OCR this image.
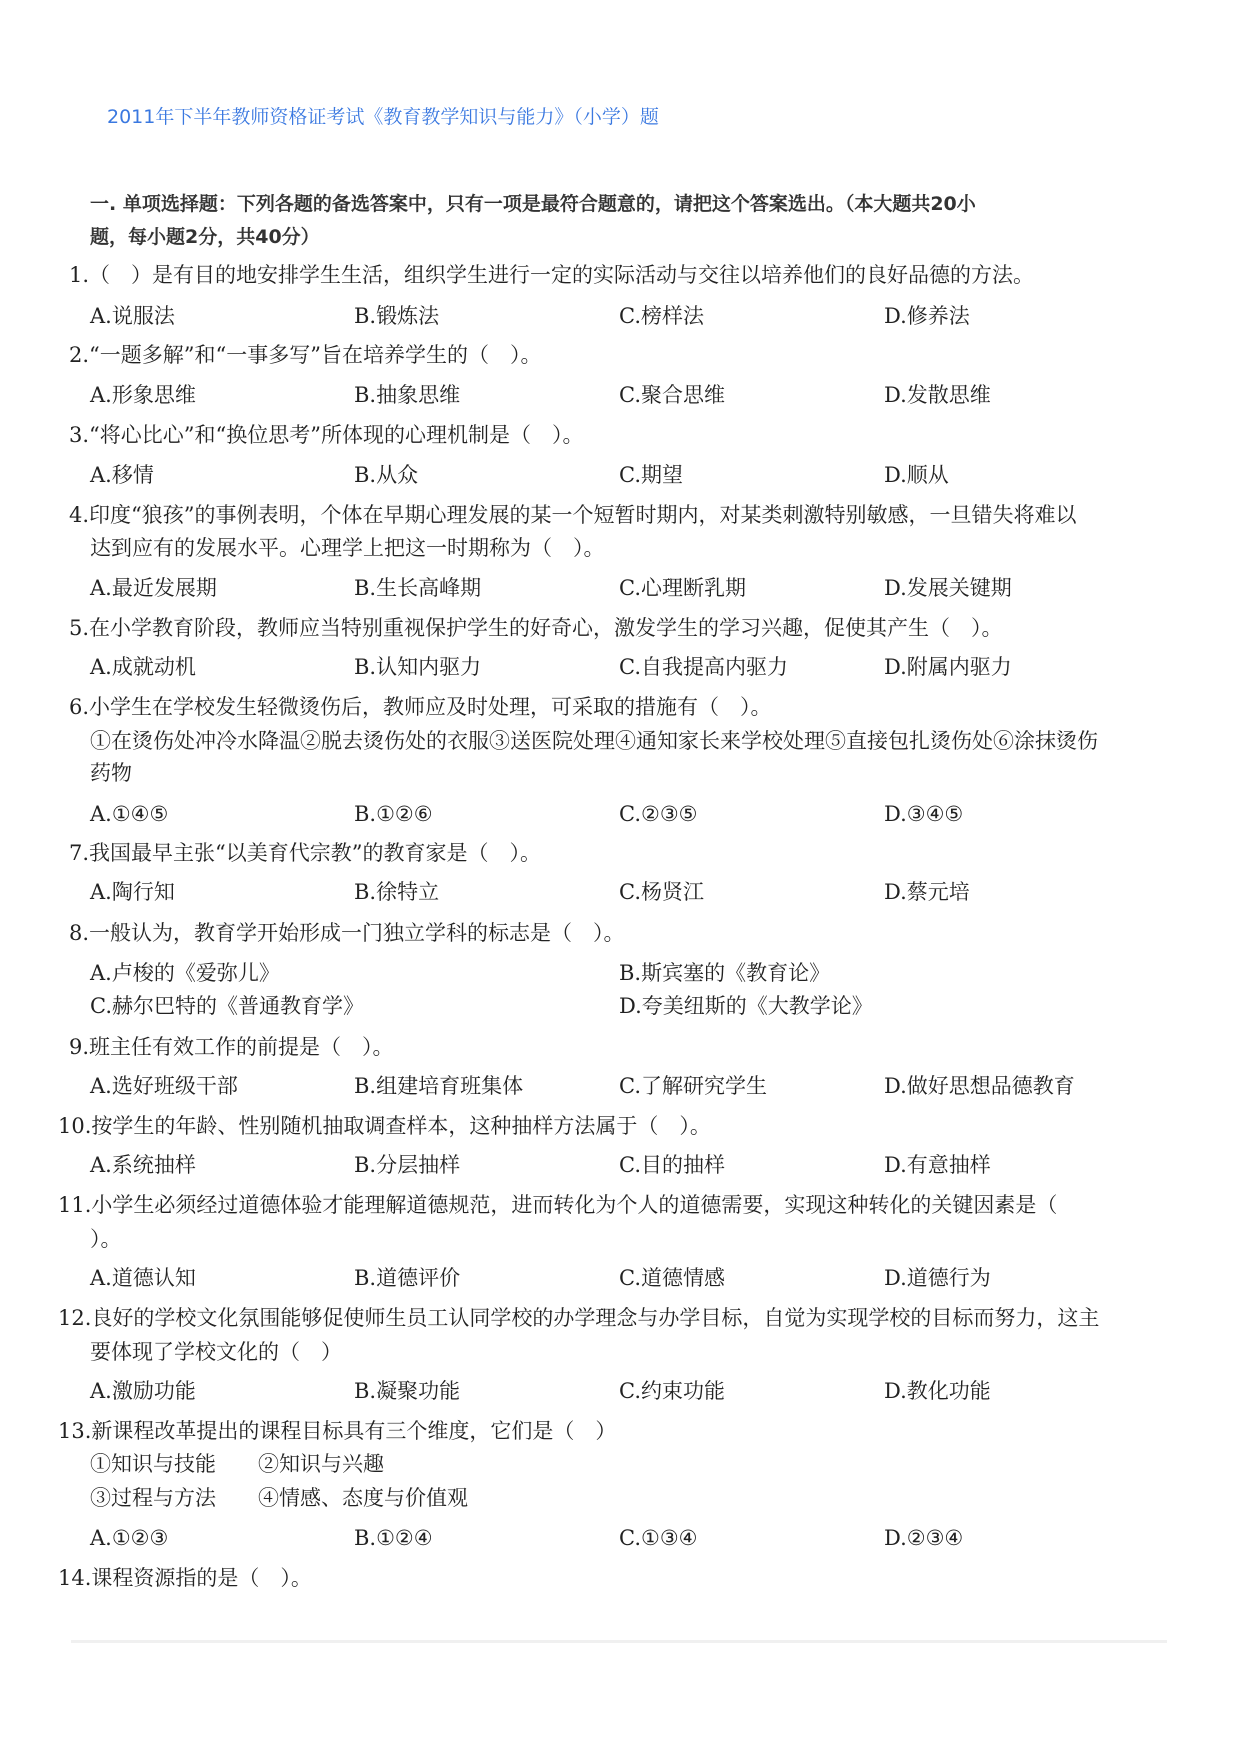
2011年下半年教师资格证考试《教育教学知识与能力》（小学）题
一. 单项选择题：下列各题的备选答案中，只有一项是最符合题意的，请把这个答案选出。（本大题共20小
题，每小题2分，共40分）
1.（　）是有目的地安排学生生活，组织学生进行一定的实际活动与交往以培养他们的良好品德的方法。
A.说服法	B.锻炼法	C.榜样法	D.修养法
2.“一题多解”和“一事多写”旨在培养学生的（　）。
A.形象思维	B.抽象思维	C.聚合思维	D.发散思维
3.“将心比心”和“换位思考”所体现的心理机制是（　）。
A.移情	B.从众	C.期望	D.顺从
4.印度“狼孩”的事例表明，个体在早期心理发展的某一个短暂时期内，对某类刺激特别敏感，一旦错失将难以
达到应有的发展水平。心理学上把这一时期称为（　）。
A.最近发展期	B.生长高峰期	C.心理断乳期	D.发展关键期
5.在小学教育阶段，教师应当特别重视保护学生的好奇心，激发学生的学习兴趣，促使其产生（　）。
A.成就动机	B.认知内驱力	C.自我提高内驱力	D.附属内驱力
6.小学生在学校发生轻微烫伤后，教师应及时处理，可采取的措施有（　）。
①在烫伤处冲冷水降温②脱去烫伤处的衣服③送医院处理④通知家长来学校处理⑤直接包扎烫伤处⑥涂抹烫伤
药物
A.①④⑤	B.①②⑥	C.②③⑤	D.③④⑤
7.我国最早主张“以美育代宗教”的教育家是（　）。
A.陶行知	B.徐特立	C.杨贤江	D.蔡元培
8.一般认为，教育学开始形成一门独立学科的标志是（　）。
A.卢梭的《爱弥儿》	B.斯宾塞的《教育论》
C.赫尔巴特的《普通教育学》	D.夸美纽斯的《大教学论》
9.班主任有效工作的前提是（　）。
A.选好班级干部	B.组建培育班集体	C.了解研究学生	D.做好思想品德教育
10.按学生的年龄、性别随机抽取调查样本，这种抽样方法属于（　）。
A.系统抽样	B.分层抽样	C.目的抽样	D.有意抽样
11.小学生必须经过道德体验才能理解道德规范，进而转化为个人的道德需要，实现这种转化的关键因素是（
）。
A.道德认知	B.道德评价	C.道德情感	D.道德行为
12.良好的学校文化氛围能够促使师生员工认同学校的办学理念与办学目标，自觉为实现学校的目标而努力，这主
要体现了学校文化的（　）
A.激励功能	B.凝聚功能	C.约束功能	D.教化功能
13.新课程改革提出的课程目标具有三个维度，它们是（　）
①知识与技能　　②知识与兴趣
③过程与方法　　④情感、态度与价值观
A.①②③	B.①②④	C.①③④	D.②③④
14.课程资源指的是（　）。
